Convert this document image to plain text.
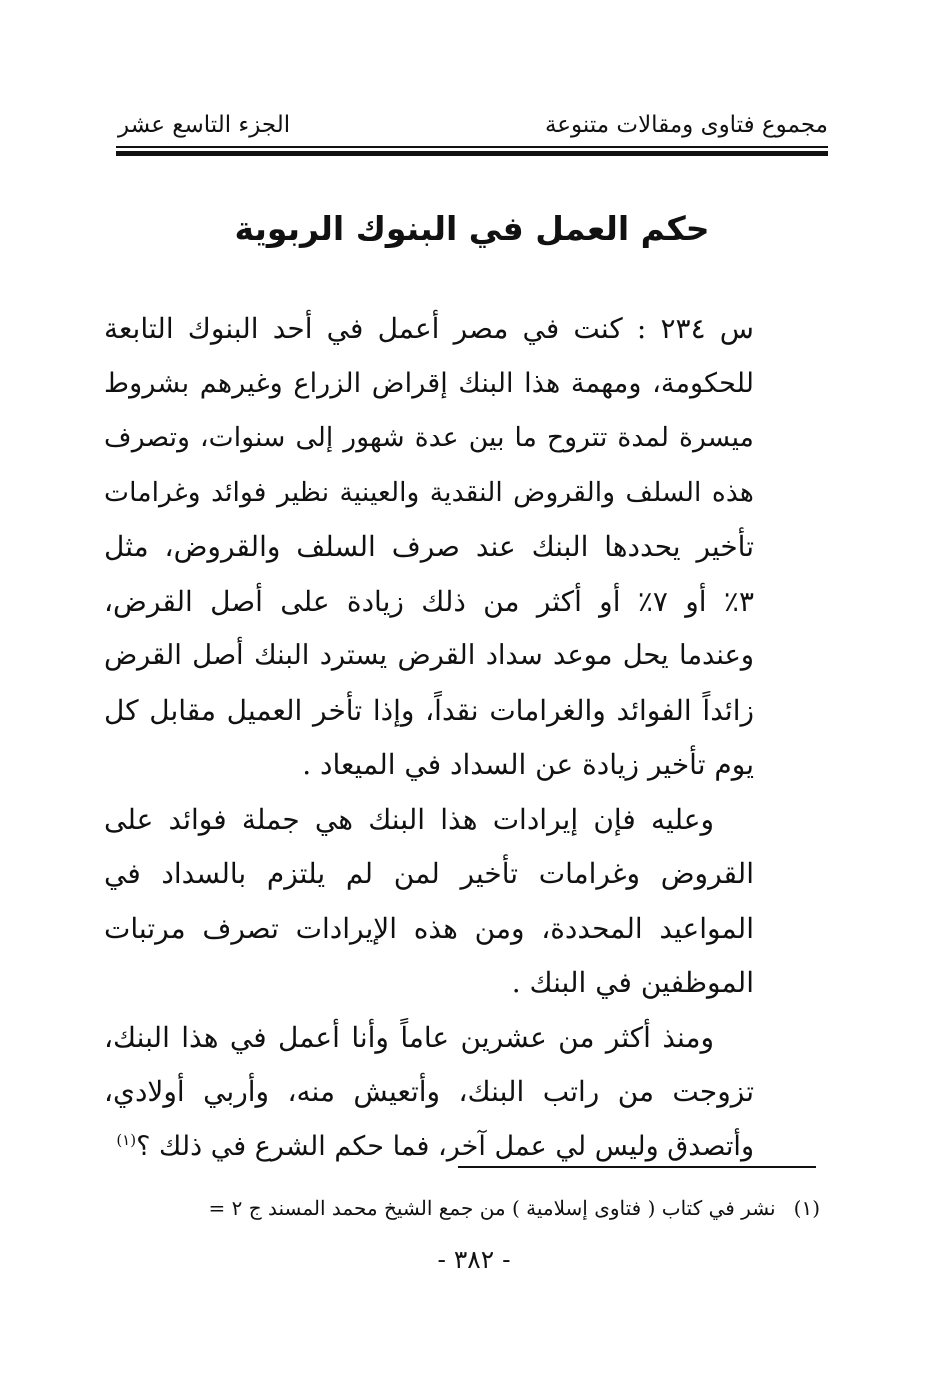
مجموع فتاوى ومقالات متنوعة
الجزء التاسع عشر
حكم العمل في البنوك الربوية
س ٢٣٤ : كنت في مصر أعمل في أحد البنوك التابعة
للحكومة، ومهمة هذا البنك إقراض الزراع وغيرهم بشروط
ميسرة لمدة تتروح ما بين عدة شهور إلى سنوات، وتصرف
هذه السلف والقروض النقدية والعينية نظير فوائد وغرامات
تأخير يحددها البنك عند صرف السلف والقروض، مثل
٣٪ أو ٧٪ أو أكثر من ذلك زيادة على أصل القرض،
وعندما يحل موعد سداد القرض يسترد البنك أصل القرض
زائداً الفوائد والغرامات نقداً، وإذا تأخر العميل مقابل كل
يوم تأخير زيادة عن السداد في الميعاد .
وعليه فإن إيرادات هذا البنك هي جملة فوائد على
القروض وغرامات تأخير لمن لم يلتزم بالسداد في
المواعيد المحددة، ومن هذه الإيرادات تصرف مرتبات
الموظفين في البنك .
ومنذ أكثر من عشرين عاماً وأنا أعمل في هذا البنك،
تزوجت من راتب البنك، وأتعيش منه، وأربي أولادي،
وأتصدق وليس لي عمل آخر، فما حكم الشرع في ذلك ؟$^{(١)}$
(١)نشر في كتاب ( فتاوى إسلامية ) من جمع الشيخ محمد المسند ج ٢ =
- ٣٨٢ -
